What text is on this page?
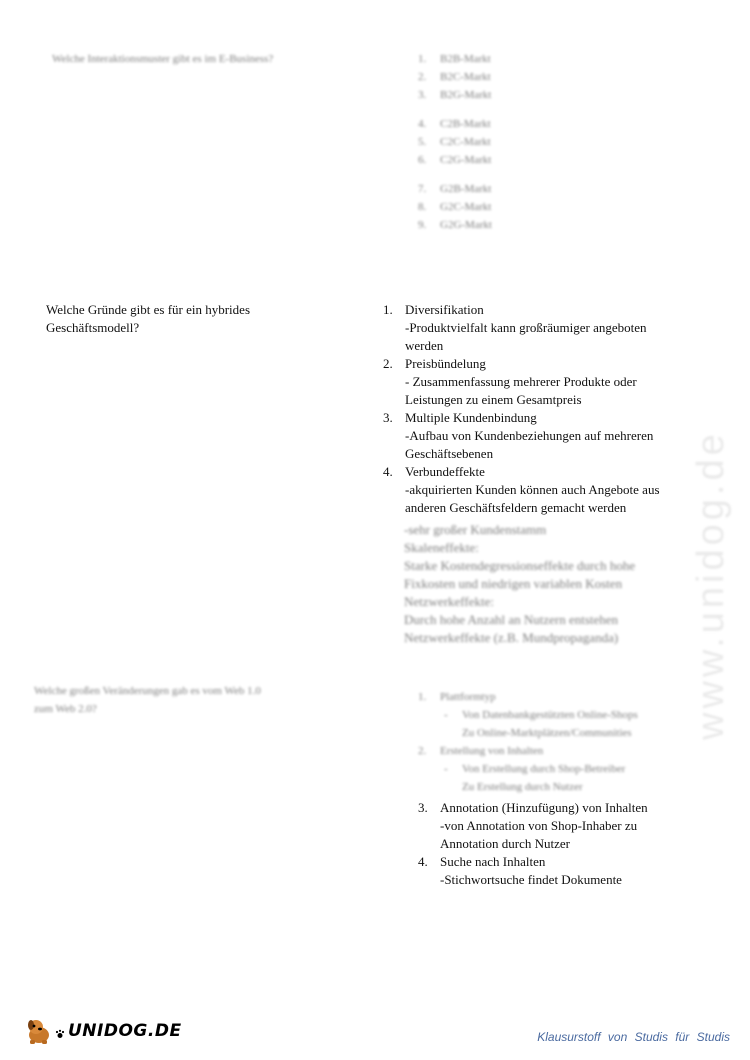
Welche Interaktionsmuster gibt es im E-Business?	1. B2B-Markt
2. B2C-Markt
3. B2G-Markt
4. C2B-Markt
5. C2C-Markt
6. C2G-Markt
7. G2B-Markt
8. G2C-Markt
9. G2G-Markt
Welche Gründe gibt es für ein hybrides
Geschäftsmodell?
1. Diversifikation
-Produktvielfalt kann großräumiger angeboten
werden
2. Preisbündelung
- Zusammenfassung mehrerer Produkte oder
Leistungen zu einem Gesamtpreis
3. Multiple Kundenbindung
-Aufbau von Kundenbeziehungen auf mehreren
Geschäftsebenen
4. Verbundeffekte
-akquirierten Kunden können auch Angebote aus
anderen Geschäftsfeldern gemacht werden
-sehr großer Kundenstamm
Skaleneffekte:
Starke Kostendegressionseffekte durch hohe
Fixkosten und niedrigen variablen Kosten
Netzwerkeffekte:
Durch hohe Anzahl an Nutzern entstehen
Netzwerkeffekte (z.B. Mundpropaganda)
Welche großen Veränderungen gab es vom Web 1.0
zum Web 2.0?
1. Plattformtyp
- Von Datenbankgestützten Online-Shops
Zu Online-Marktplätzen/Communities
2. Erstellung von Inhalten
- Von Erstellung durch Shop-Betreiber
Zu Erstellung durch Nutzer
3. Annotation (Hinzufügung) von Inhalten
-von Annotation von Shop-Inhaber zu
Annotation durch Nutzer
4. Suche nach Inhalten
-Stichwortsuche findet Dokumente
www.unidog.de
UNIDOG.DE	Klausurstoff von Studis für Studis
